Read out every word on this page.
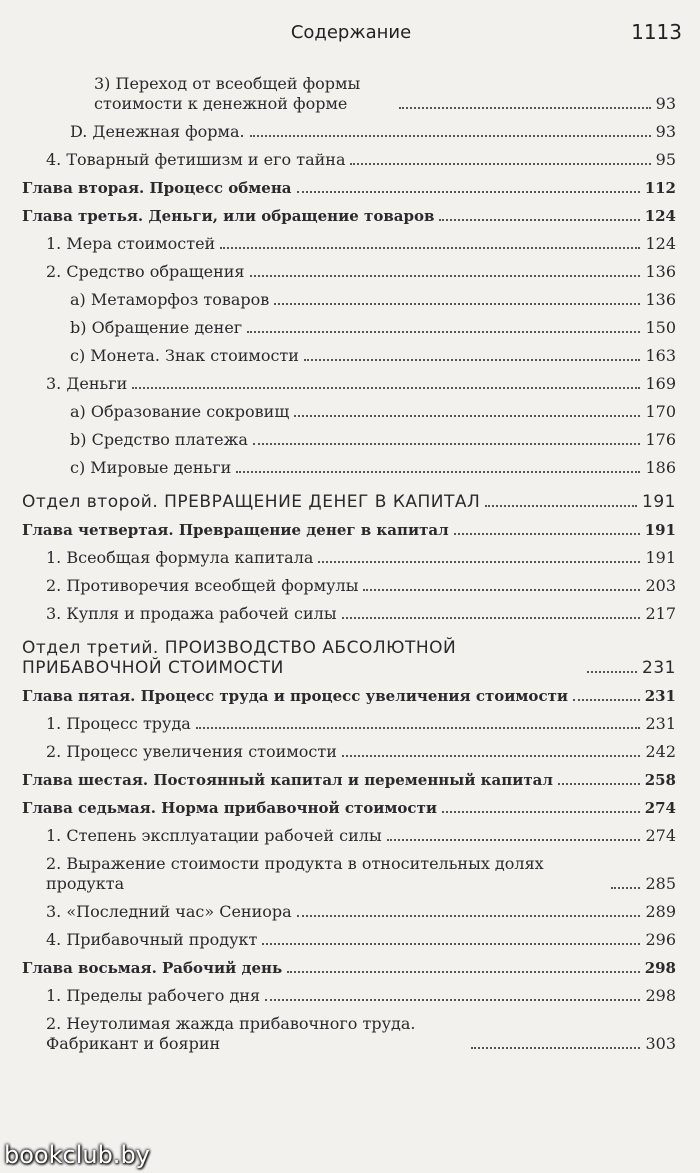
Содержание	1113
3) Переход от всеобщей формы стоимости к денежной форме	93
D. Денежная форма.	93
4. Товарный фетишизм и его тайна	95
Глава вторая. Процесс обмена	112
Глава третья. Деньги, или обращение товаров	124
1. Мера стоимостей	124
2. Средство обращения	136
a) Метаморфоз товаров	136
b) Обращение денег	150
c) Монета. Знак стоимости	163
3. Деньги	169
a) Образование сокровищ	170
b) Средство платежа	176
c) Мировые деньги	186
Отдел второй. ПРЕВРАЩЕНИЕ ДЕНЕГ В КАПИТАЛ	191
Глава четвертая. Превращение денег в капитал	191
1. Всеобщая формула капитала	191
2. Противоречия всеобщей формулы	203
3. Купля и продажа рабочей силы	217
Отдел третий. ПРОИЗВОДСТВО АБСОЛЮТНОЙ ПРИБАВОЧНОЙ СТОИМОСТИ	231
Глава пятая. Процесс труда и процесс увеличения стоимости	231
1. Процесс труда	231
2. Процесс увеличения стоимости	242
Глава шестая. Постоянный капитал и переменный капитал	258
Глава седьмая. Норма прибавочной стоимости	274
1. Степень эксплуатации рабочей силы	274
2. Выражение стоимости продукта в относительных долях продукта	285
3. «Последний час» Сениора	289
4. Прибавочный продукт	296
Глава восьмая. Рабочий день	298
1. Пределы рабочего дня	298
2. Неутолимая жажда прибавочного труда. Фабрикант и боярин	303
bookclub.by
